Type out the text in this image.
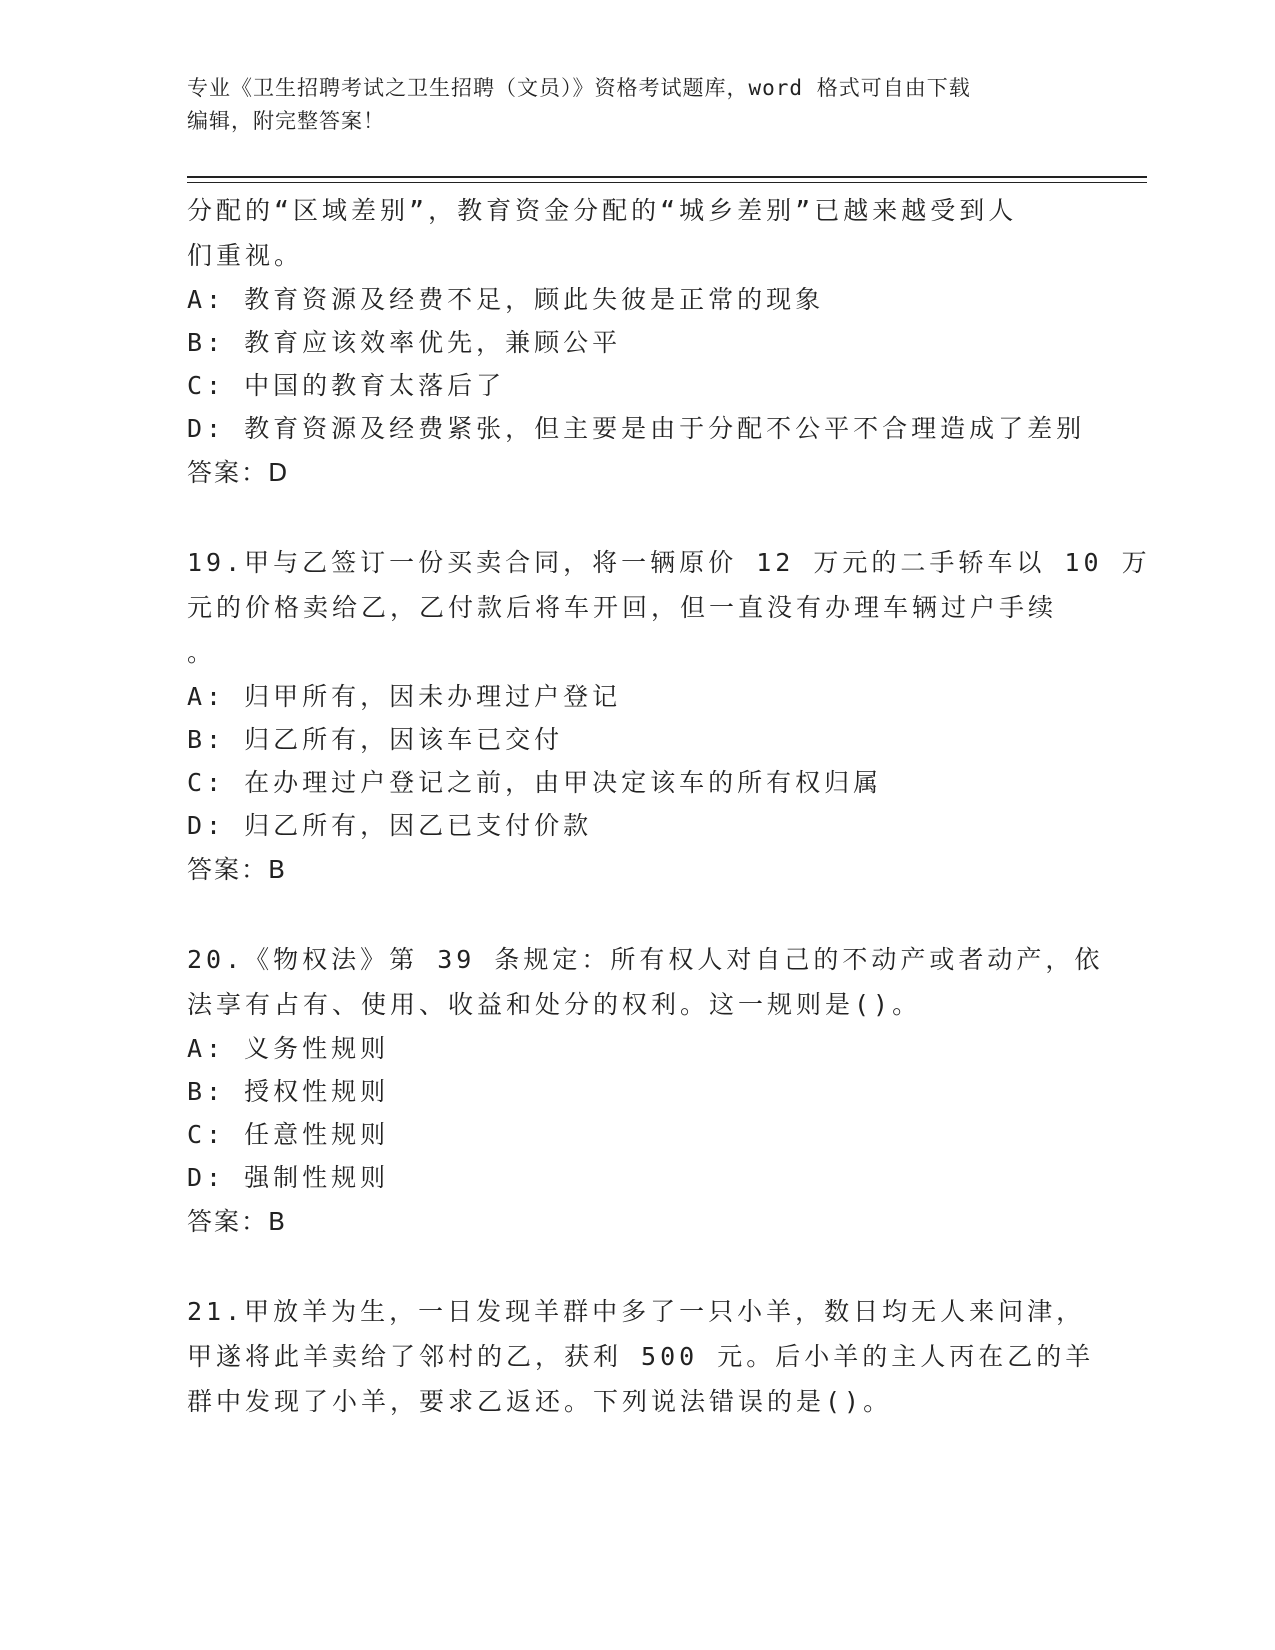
专业《卫生招聘考试之卫生招聘（文员）》资格考试题库，word 格式可自由下载
编辑，附完整答案！
分配的“区域差别”，教育资金分配的“城乡差别”已越来越受到人
们重视。
A: 教育资源及经费不足，顾此失彼是正常的现象
B: 教育应该效率优先，兼顾公平
C: 中国的教育太落后了
D: 教育资源及经费紧张，但主要是由于分配不公平不合理造成了差别
答案：D
19.甲与乙签订一份买卖合同，将一辆原价 12 万元的二手轿车以 10 万
元的价格卖给乙，乙付款后将车开回，但一直没有办理车辆过户手续
。
A: 归甲所有，因未办理过户登记
B: 归乙所有，因该车已交付
C: 在办理过户登记之前，由甲决定该车的所有权归属
D: 归乙所有，因乙已支付价款
答案：B
20.《物权法》第 39 条规定：所有权人对自己的不动产或者动产，依
法享有占有、使用、收益和处分的权利。这一规则是()。
A: 义务性规则
B: 授权性规则
C: 任意性规则
D: 强制性规则
答案：B
21.甲放羊为生，一日发现羊群中多了一只小羊，数日均无人来问津，
甲遂将此羊卖给了邻村的乙，获利 500 元。后小羊的主人丙在乙的羊
群中发现了小羊，要求乙返还。下列说法错误的是()。
